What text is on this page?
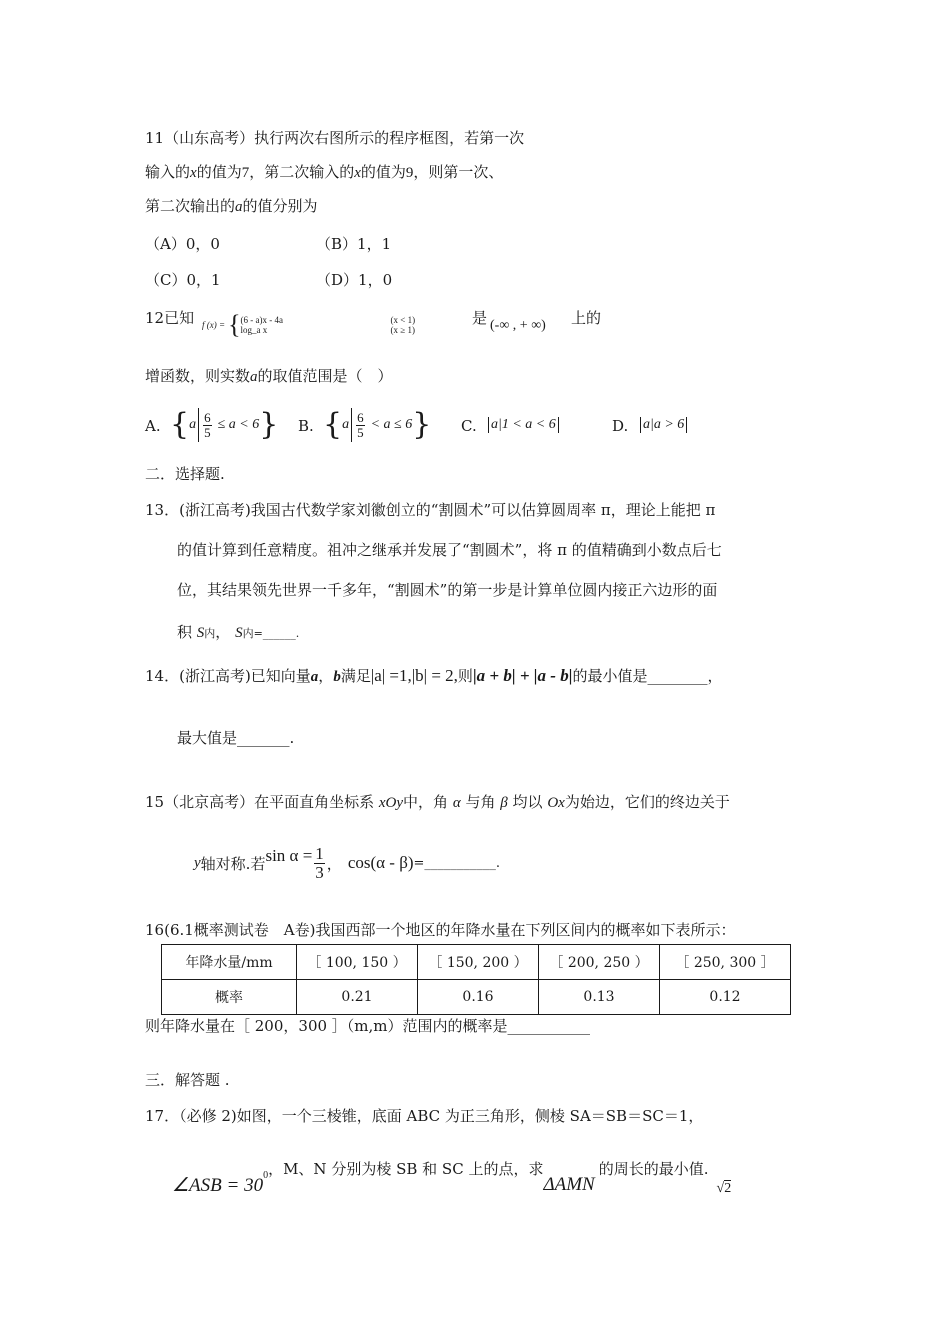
11（山东高考）执行两次右图所示的程序框图，若第一次
输入的x的值为7，第二次输入的x的值为9，则第一次、
第二次输出的a的值分别为
（A）0，0	（B）1，1
（C）0，1	（D）1，0
12已知 f (x) = { (6 - a)x - 4a
log_a x
(x < 1)
(x ≥ 1)
是 (-∞ , + ∞) 上的
增函数，则实数a的取值范围是（　）
A. { a $\frac{6}{5} \le a < 6$ } B. { a $\frac{6}{5} < a \le 6$ } C. a|1 < a < 6	D. a|a > 6
二．选择题.
13．(浙江高考)我国古代数学家刘徽创立的“割圆术”可以估算圆周率 π，理论上能把 π
的值计算到任意精度。祖冲之继承并发展了“割圆术”，将 π 的值精确到小数点后七
位，其结果领先世界一千多年，“割圆术”的第一步是计算单位圆内接正六边形的面
积 S内， S内=______.
14．(浙江高考)已知向量a，b满足|a| =1,|b| = 2,则|a + b| + |a - b|的最小值是________，
最大值是_______.
15（北京高考）在平面直角坐标系 xOy中，角 α 与角 β 均以 Ox为始边，它们的终边关于
y 轴对称.若 $\sin \alpha = \frac{1}{3}$ ， cos(α - β) =___________.
16(6.1概率测试卷　A卷)我国西部一个地区的年降水量在下列区间内的概率如下表所示：
年降水量/mm	［ 100, 150 ）	［ 150, 200 ）	［ 200, 250 ）	［ 250, 300 ］
概率	0.21	0.16	0.13	0.12
则年降水量在［ 200，300 ］（m,m）范围内的概率是___________
三．解答题 .
17．（必修 2)如图，一个三棱锥，底面 ABC 为正三角形，侧棱 SA＝SB＝SC＝1，
∠ASB = 30 0 ，M、N 分别为棱 SB 和 SC 上的点，求
ΔAMN
的周长的最小值.
√2
